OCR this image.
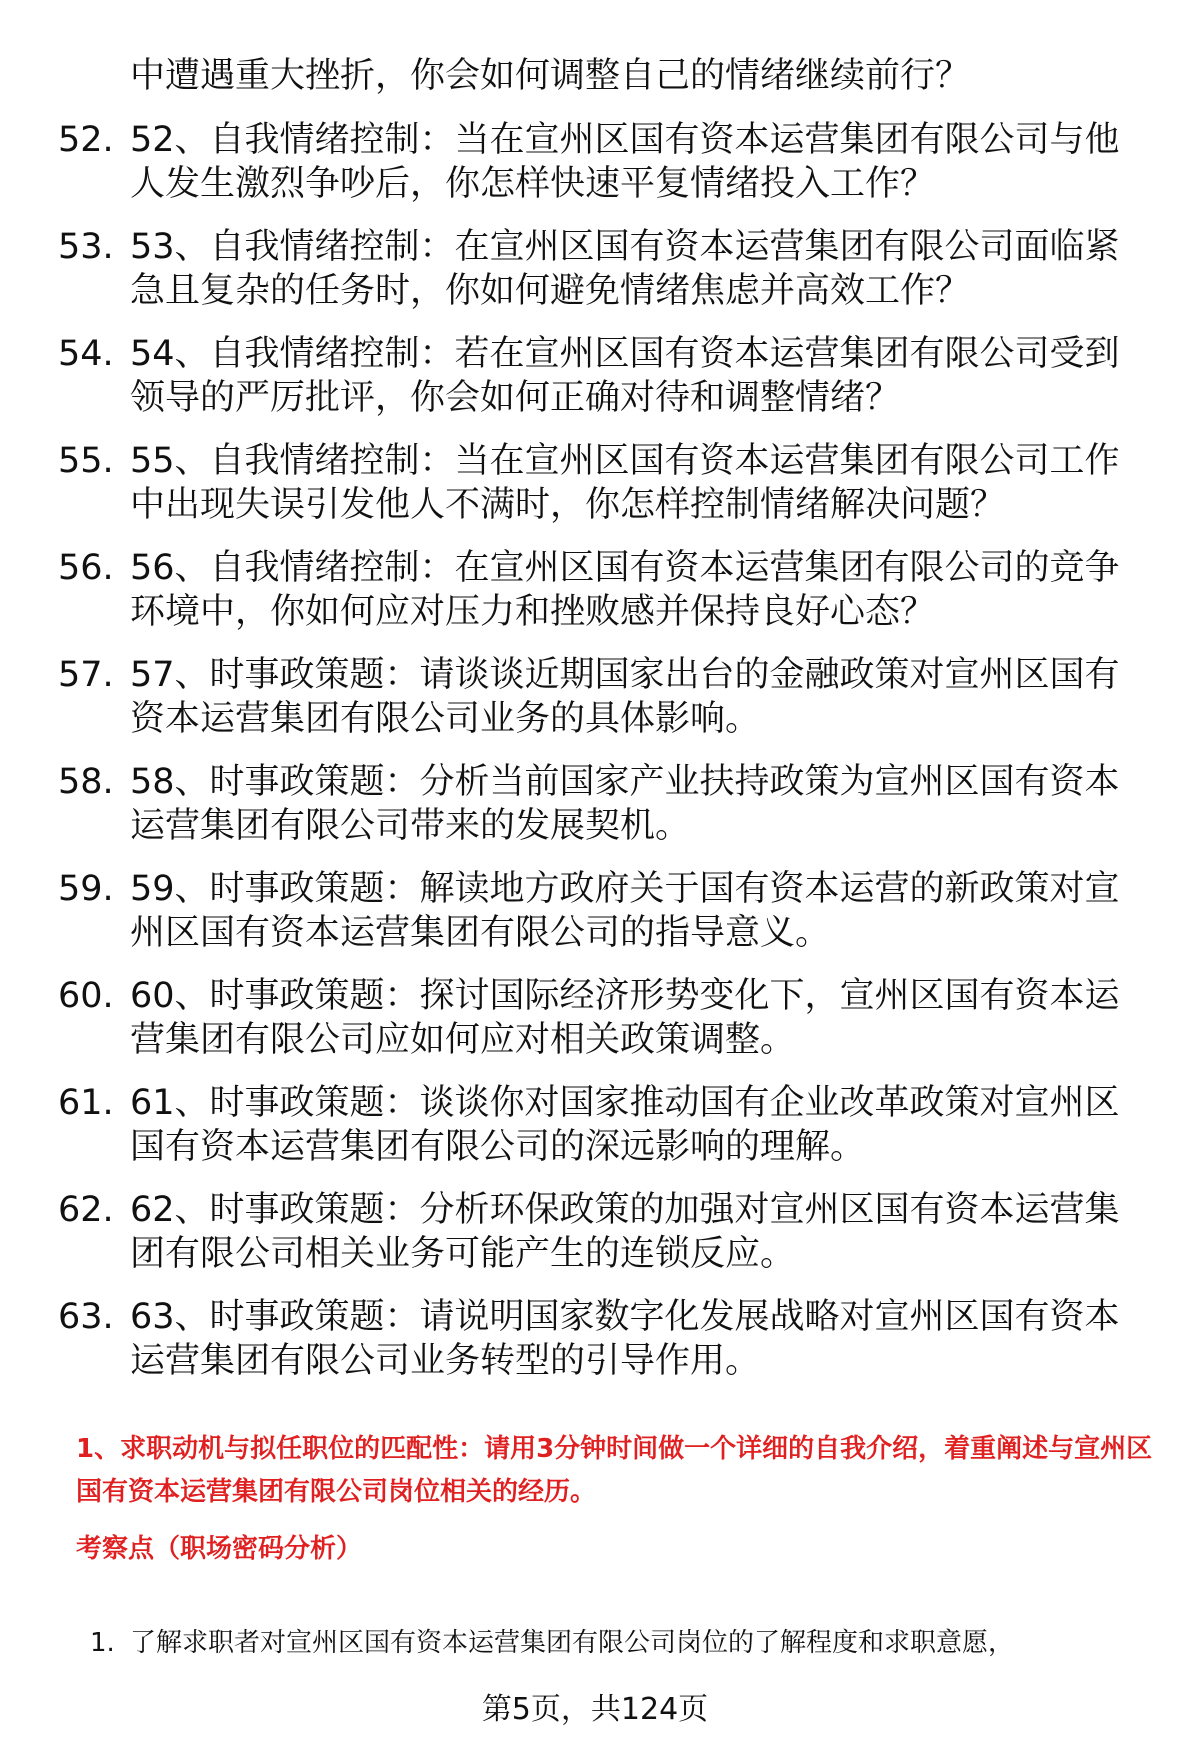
中遭遇重大挫折，你会如何调整自己的情绪继续前行？
52. 52、自我情绪控制：当在宣州区国有资本运营集团有限公司与他人发生激烈争吵后，你怎样快速平复情绪投入工作？
53. 53、自我情绪控制：在宣州区国有资本运营集团有限公司面临紧急且复杂的任务时，你如何避免情绪焦虑并高效工作？
54. 54、自我情绪控制：若在宣州区国有资本运营集团有限公司受到领导的严厉批评，你会如何正确对待和调整情绪？
55. 55、自我情绪控制：当在宣州区国有资本运营集团有限公司工作中出现失误引发他人不满时，你怎样控制情绪解决问题？
56. 56、自我情绪控制：在宣州区国有资本运营集团有限公司的竞争环境中，你如何应对压力和挫败感并保持良好心态？
57. 57、时事政策题：请谈谈近期国家出台的金融政策对宣州区国有资本运营集团有限公司业务的具体影响。
58. 58、时事政策题：分析当前国家产业扶持政策为宣州区国有资本运营集团有限公司带来的发展契机。
59. 59、时事政策题：解读地方政府关于国有资本运营的新政策对宣州区国有资本运营集团有限公司的指导意义。
60. 60、时事政策题：探讨国际经济形势变化下，宣州区国有资本运营集团有限公司应如何应对相关政策调整。
61. 61、时事政策题：谈谈你对国家推动国有企业改革政策对宣州区国有资本运营集团有限公司的深远影响的理解。
62. 62、时事政策题：分析环保政策的加强对宣州区国有资本运营集团有限公司相关业务可能产生的连锁反应。
63. 63、时事政策题：请说明国家数字化发展战略对宣州区国有资本运营集团有限公司业务转型的引导作用。
1、求职动机与拟任职位的匹配性：请用3分钟时间做一个详细的自我介绍，着重阐述与宣州区国有资本运营集团有限公司岗位相关的经历。
考察点（职场密码分析）
1. 了解求职者对宣州区国有资本运营集团有限公司岗位的了解程度和求职意愿，
第5页，共124页
